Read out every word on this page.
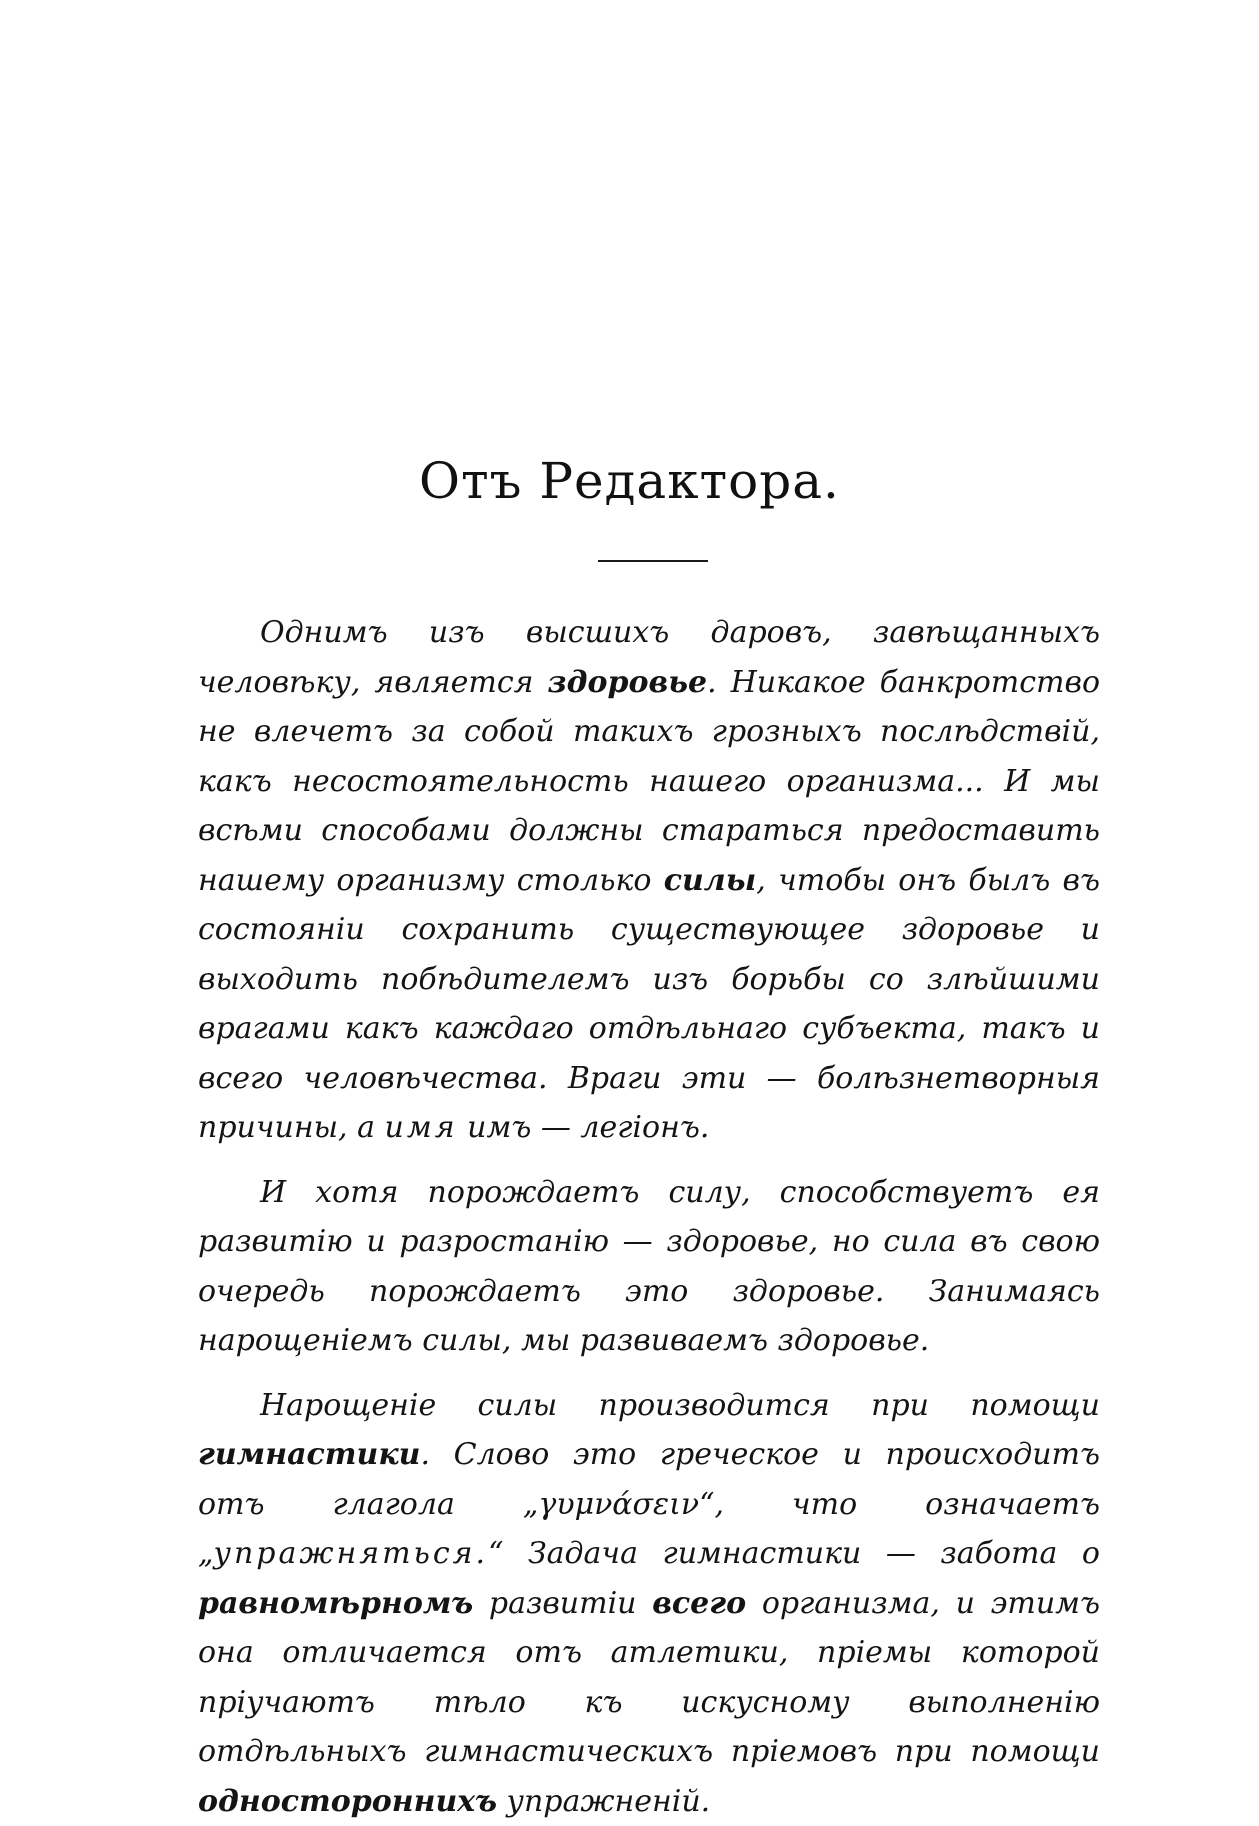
Отъ Редактора.

Однимъ изъ высшихъ даровъ, завѣщанныхъ человѣку, является здоровье. Никакое банкротство не влечетъ за собой такихъ грозныхъ послѣдствій, какъ несостоятельность нашего организма... И мы всѣми способами должны стараться предоставить нашему организму столько силы, чтобы онъ былъ въ состояніи сохранить существующее здоровье и выходить побѣдителемъ изъ борьбы со злѣйшими врагами какъ каждаго отдѣльнаго субъекта, такъ и всего человѣчества. Враги эти — болѣзнетворныя причины, а имя имъ — легіонъ.

И хотя порождаетъ силу, способствуетъ ея развитію и разростанію — здоровье, но сила въ свою очередь порождаетъ это здоровье. Занимаясь нарощеніемъ силы, мы развиваемъ здоровье.

Нарощеніе силы производится при помощи гимнастики. Слово это греческое и происходитъ отъ глагола „γυμνάσειν“, что означаетъ „упражняться.“ Задача гимнастики — забота о равномѣрномъ развитіи всего организма, и этимъ она отличается отъ атлетики, пріемы которой пріучаютъ тѣло къ искусному выполненію отдѣльныхъ гимнастическихъ пріемовъ при помощи одностороннихъ упражненій.
